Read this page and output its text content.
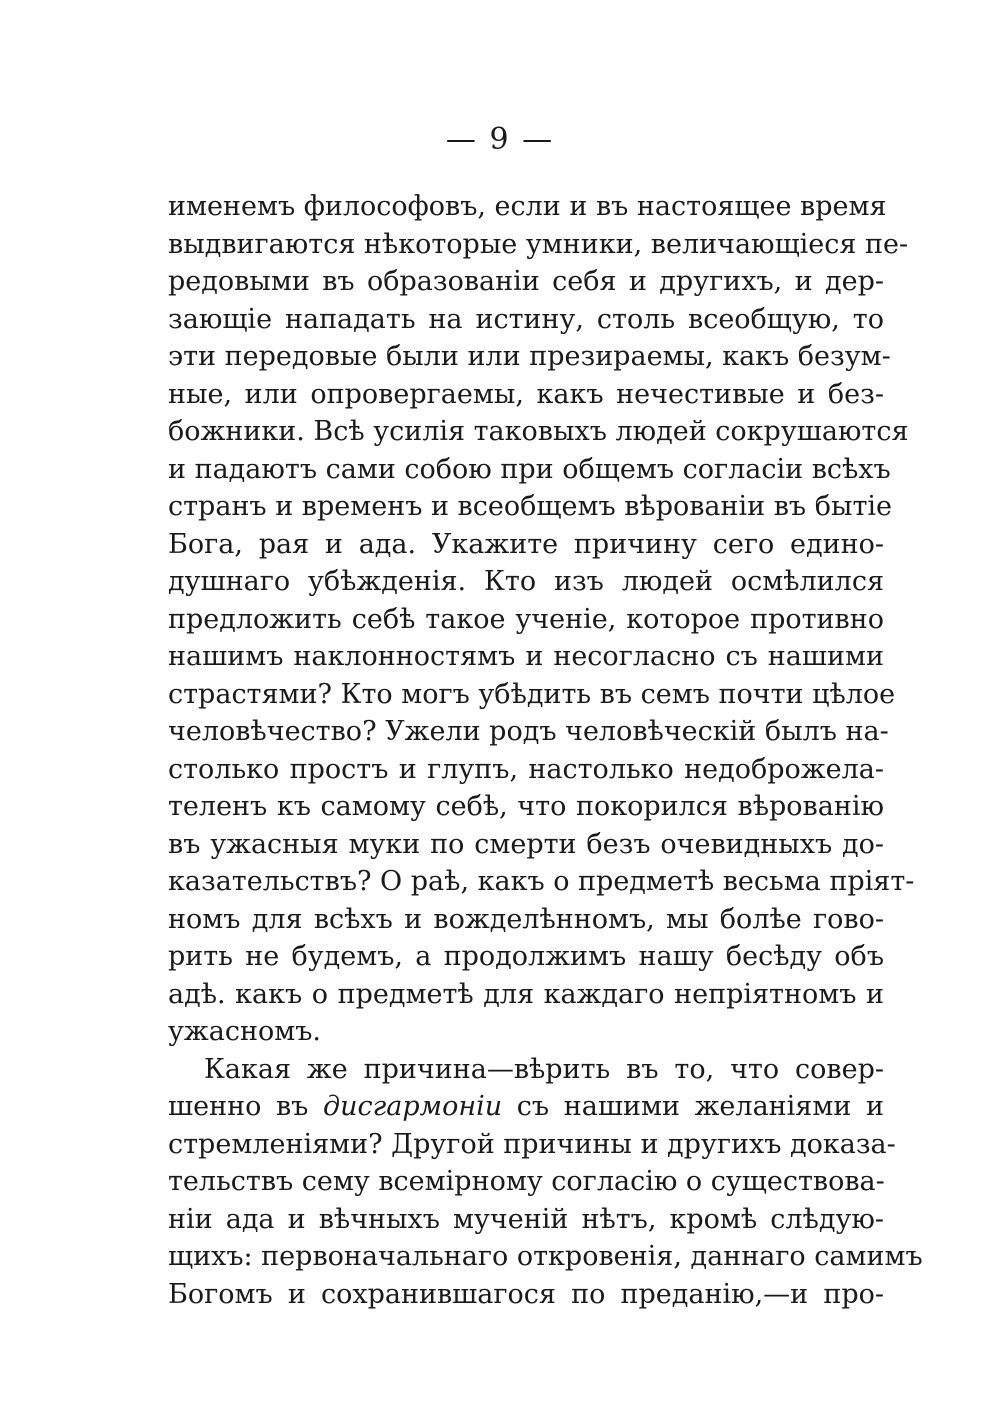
— 9 —
именемъ философовъ, если и въ настоящее время
выдвигаются нѣкоторые умники, величающіеся пе-
редовыми въ образованіи себя и другихъ, и дер-
зающіе нападать на истину, столь всеобщую, то
эти передовые были или презираемы, какъ безум-
ные, или опровергаемы, какъ нечестивые и без-
божники. Всѣ усилія таковыхъ людей сокрушаются
и падаютъ сами собою при общемъ согласіи всѣхъ
странъ и временъ и всеобщемъ вѣрованіи въ бытіе
Бога, рая и ада. Укажите причину сего едино-
душнаго убѣжденія. Кто изъ людей осмѣлился
предложить себѣ такое ученіе, которое противно
нашимъ наклонностямъ и несогласно съ нашими
страстями? Кто могъ убѣдить въ семъ почти цѣлое
человѣчество? Ужели родъ человѣческій былъ на-
столько простъ и глупъ, настолько недоброжела-
теленъ къ самому себѣ, что покорился вѣрованію
въ ужасныя муки по смерти безъ очевидныхъ до-
казательствъ? О раѣ, какъ о предметѣ весьма пріят-
номъ для всѣхъ и вожделѣнномъ, мы болѣе гово-
рить не будемъ, а продолжимъ нашу бесѣду объ
адѣ. какъ о предметѣ для каждаго непріятномъ и
ужасномъ.
Какая же причина—вѣрить въ то, что совер-
шенно въ дисгармоніи съ нашими желаніями и
стремленіями? Другой причины и другихъ доказа-
тельствъ сему всемірному согласію о существова-
ніи ада и вѣчныхъ мученій нѣтъ, кромѣ слѣдую-
щихъ: первоначальнаго откровенія, даннаго самимъ
Богомъ и сохранившагося по преданію,—и про-
